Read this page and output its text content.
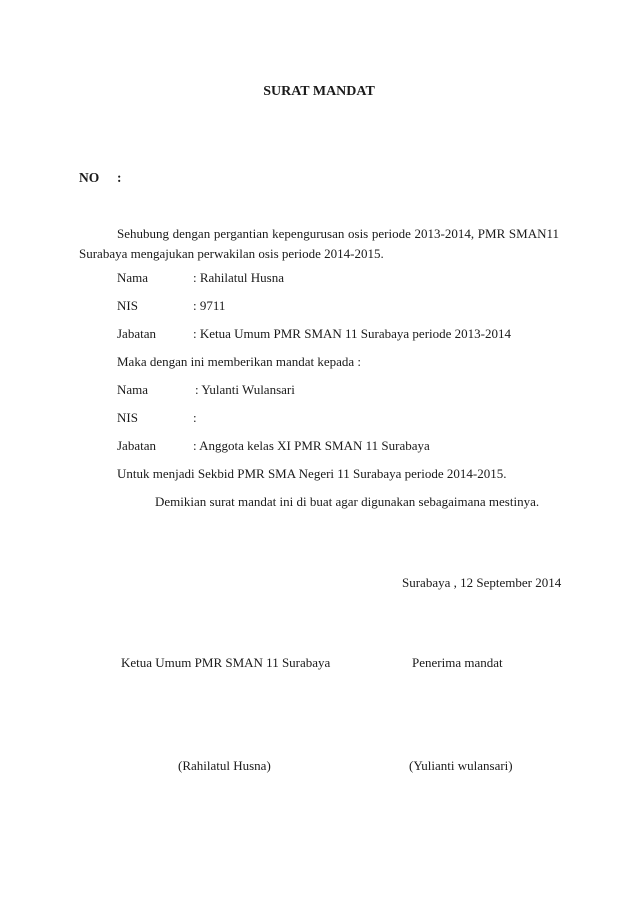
SURAT MANDAT
NO :
Sehubung dengan pergantian kepengurusan osis periode 2013-2014, PMR SMAN11 Surabaya mengajukan perwakilan osis periode 2014-2015.
Nama	: Rahilatul Husna
NIS	: 9711
Jabatan	: Ketua Umum PMR SMAN 11 Surabaya periode 2013-2014
Maka dengan ini memberikan mandat kepada :
Nama	: Yulanti Wulansari
NIS	:
Jabatan	: Anggota kelas XI PMR SMAN 11 Surabaya
Untuk menjadi Sekbid PMR SMA Negeri 11 Surabaya periode 2014-2015.
Demikian surat mandat ini di buat agar digunakan sebagaimana mestinya.
Surabaya , 12 September 2014
Ketua Umum PMR SMAN 11 Surabaya	Penerima mandat
(Rahilatul Husna)	(Yulianti wulansari)
